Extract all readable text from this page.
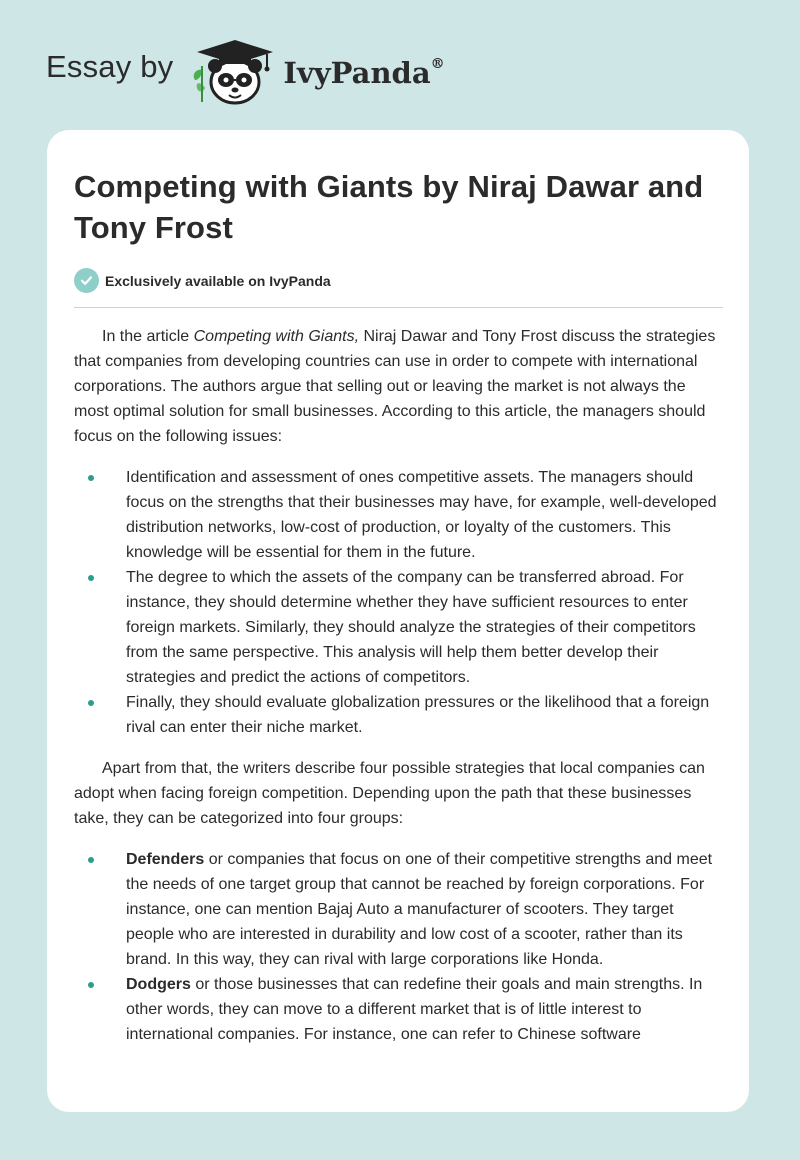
Essay by	IvyPanda®
Competing with Giants by Niraj Dawar and Tony Frost
Exclusively available on IvyPanda

In the article Competing with Giants, Niraj Dawar and Tony Frost discuss the strategies that companies from developing countries can use in order to compete with international corporations. The authors argue that selling out or leaving the market is not always the most optimal solution for small businesses. According to this article, the managers should focus on the following issues:

Identification and assessment of ones competitive assets. The managers should focus on the strengths that their businesses may have, for example, well-developed distribution networks, low-cost of production, or loyalty of the customers. This knowledge will be essential for them in the future.
The degree to which the assets of the company can be transferred abroad. For instance, they should determine whether they have sufficient resources to enter foreign markets. Similarly, they should analyze the strategies of their competitors from the same perspective. This analysis will help them better develop their strategies and predict the actions of competitors.
Finally, they should evaluate globalization pressures or the likelihood that a foreign rival can enter their niche market.

Apart from that, the writers describe four possible strategies that local companies can adopt when facing foreign competition. Depending upon the path that these businesses take, they can be categorized into four groups:

Defenders or companies that focus on one of their competitive strengths and meet the needs of one target group that cannot be reached by foreign corporations. For instance, one can mention Bajaj Auto a manufacturer of scooters. They target people who are interested in durability and low cost of a scooter, rather than its brand. In this way, they can rival with large corporations like Honda.
Dodgers or those businesses that can redefine their goals and main strengths. In other words, they can move to a different market that is of little interest to international companies. For instance, one can refer to Chinese software
